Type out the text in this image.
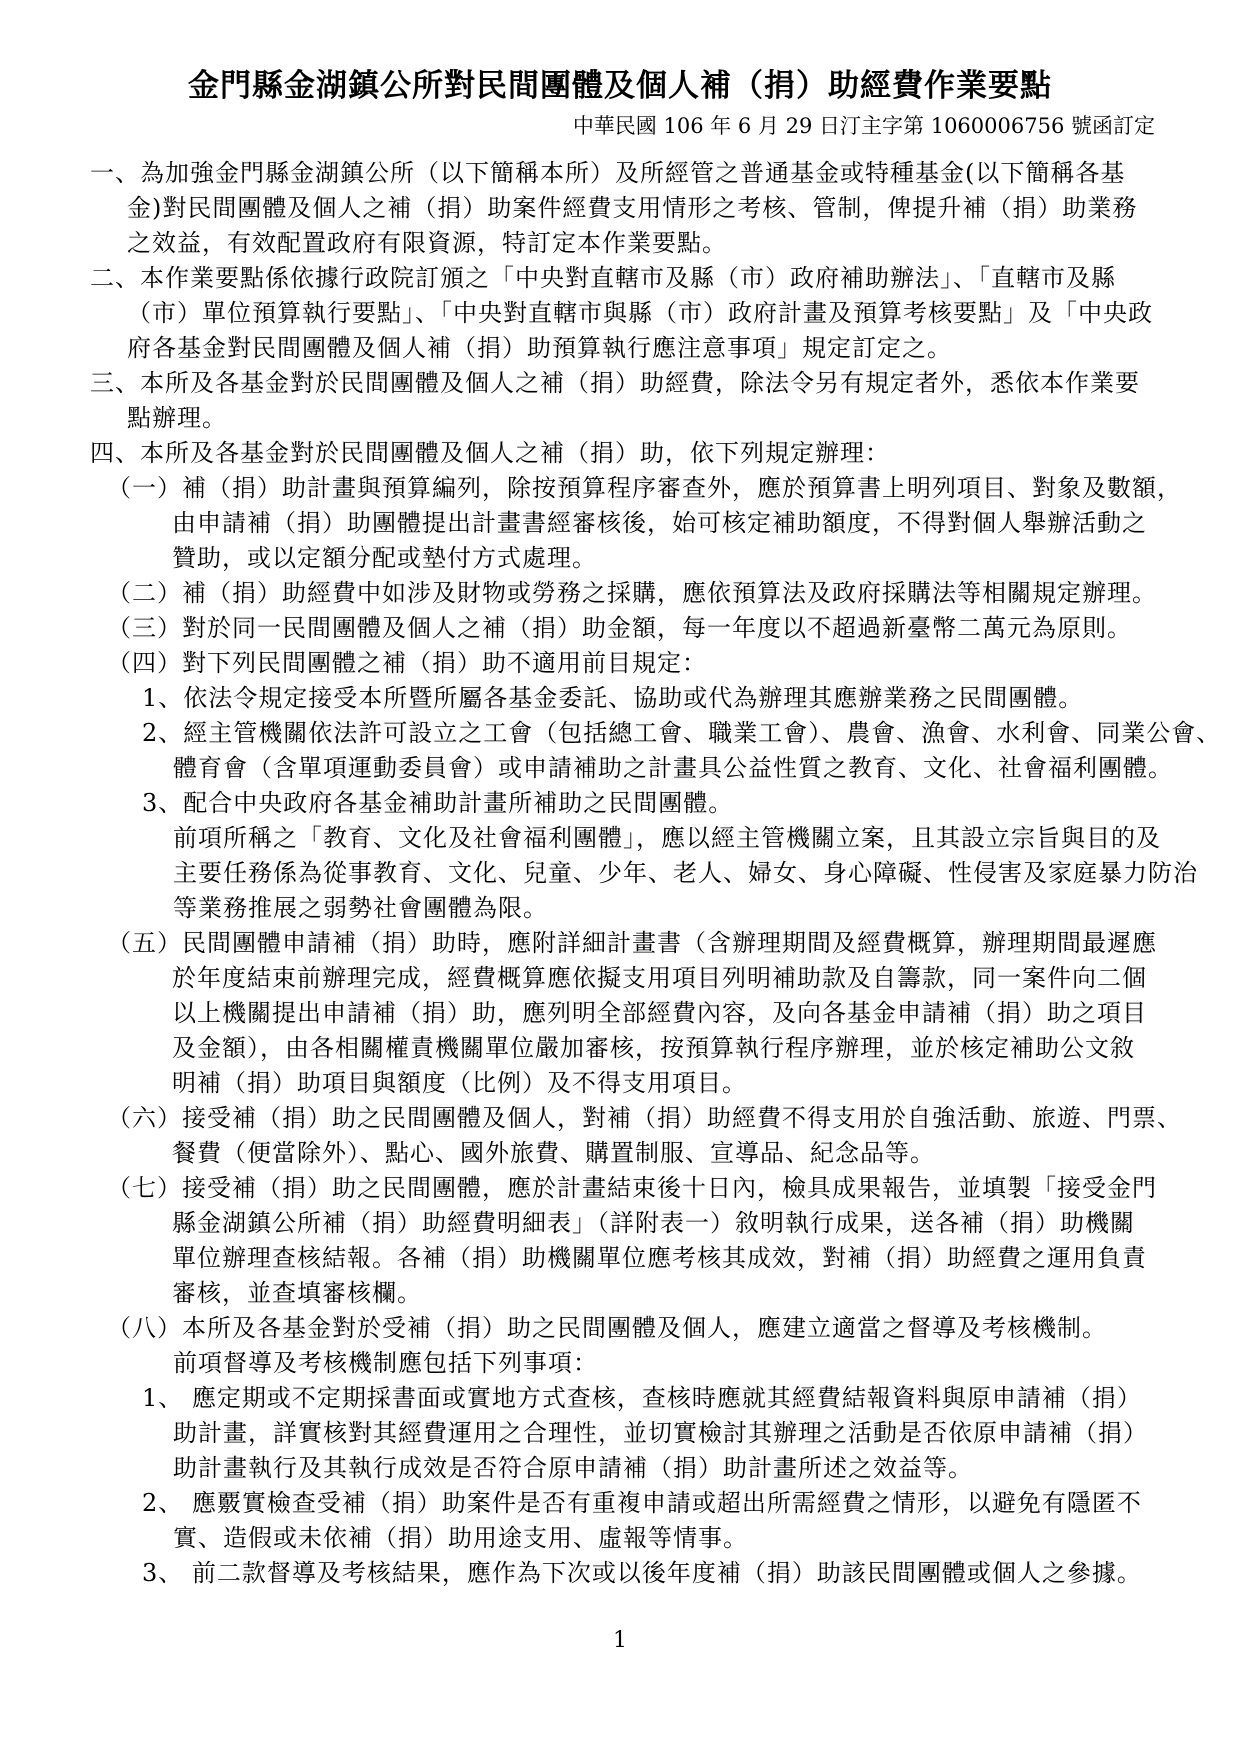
金門縣金湖鎮公所對民間團體及個人補（捐）助經費作業要點
中華民國 106 年 6 月 29 日汀主字第 1060006756 號函訂定
一、為加強金門縣金湖鎮公所（以下簡稱本所）及所經管之普通基金或特種基金(以下簡稱各基
金)對民間團體及個人之補（捐）助案件經費支用情形之考核、管制，俾提升補（捐）助業務
之效益，有效配置政府有限資源，特訂定本作業要點。
二、本作業要點係依據行政院訂頒之「中央對直轄市及縣（市）政府補助辦法」、「直轄市及縣
（市）單位預算執行要點」、「中央對直轄市與縣（市）政府計畫及預算考核要點」及「中央政
府各基金對民間團體及個人補（捐）助預算執行應注意事項」規定訂定之。
三、本所及各基金對於民間團體及個人之補（捐）助經費，除法令另有規定者外，悉依本作業要
點辦理。
四、本所及各基金對於民間團體及個人之補（捐）助，依下列規定辦理：
（一）補（捐）助計畫與預算編列，除按預算程序審查外，應於預算書上明列項目、對象及數額，
由申請補（捐）助團體提出計畫書經審核後，始可核定補助額度，不得對個人舉辦活動之
贊助，或以定額分配或墊付方式處理。
（二）補（捐）助經費中如涉及財物或勞務之採購，應依預算法及政府採購法等相關規定辦理。
（三）對於同一民間團體及個人之補（捐）助金額，每一年度以不超過新臺幣二萬元為原則。
（四）對下列民間團體之補（捐）助不適用前目規定：
1、依法令規定接受本所暨所屬各基金委託、協助或代為辦理其應辦業務之民間團體。
2、經主管機關依法許可設立之工會（包括總工會、職業工會）、農會、漁會、水利會、同業公會、
體育會（含單項運動委員會）或申請補助之計畫具公益性質之教育、文化、社會福利團體。
3、配合中央政府各基金補助計畫所補助之民間團體。
前項所稱之「教育、文化及社會福利團體」，應以經主管機關立案，且其設立宗旨與目的及
主要任務係為從事教育、文化、兒童、少年、老人、婦女、身心障礙、性侵害及家庭暴力防治
等業務推展之弱勢社會團體為限。
（五）民間團體申請補（捐）助時，應附詳細計畫書（含辦理期間及經費概算，辦理期間最遲應
於年度結束前辦理完成，經費概算應依擬支用項目列明補助款及自籌款，同一案件向二個
以上機關提出申請補（捐）助，應列明全部經費內容，及向各基金申請補（捐）助之項目
及金額），由各相關權責機關單位嚴加審核，按預算執行程序辦理，並於核定補助公文敘
明補（捐）助項目與額度（比例）及不得支用項目。
（六）接受補（捐）助之民間團體及個人，對補（捐）助經費不得支用於自強活動、旅遊、門票、
餐費（便當除外）、點心、國外旅費、購置制服、宣導品、紀念品等。
（七）接受補（捐）助之民間團體，應於計畫結束後十日內，檢具成果報告，並填製「接受金門
縣金湖鎮公所補（捐）助經費明細表」（詳附表一）敘明執行成果，送各補（捐）助機關
單位辦理查核結報。各補（捐）助機關單位應考核其成效，對補（捐）助經費之運用負責
審核，並查填審核欄。
（八）本所及各基金對於受補（捐）助之民間團體及個人，應建立適當之督導及考核機制。
前項督導及考核機制應包括下列事項：
1、 應定期或不定期採書面或實地方式查核，查核時應就其經費結報資料與原申請補（捐）
助計畫，詳實核對其經費運用之合理性，並切實檢討其辦理之活動是否依原申請補（捐）
助計畫執行及其執行成效是否符合原申請補（捐）助計畫所述之效益等。
2、 應覈實檢查受補（捐）助案件是否有重複申請或超出所需經費之情形，以避免有隱匿不
實、造假或未依補（捐）助用途支用、虛報等情事。
3、 前二款督導及考核結果，應作為下次或以後年度補（捐）助該民間團體或個人之參據。
1
